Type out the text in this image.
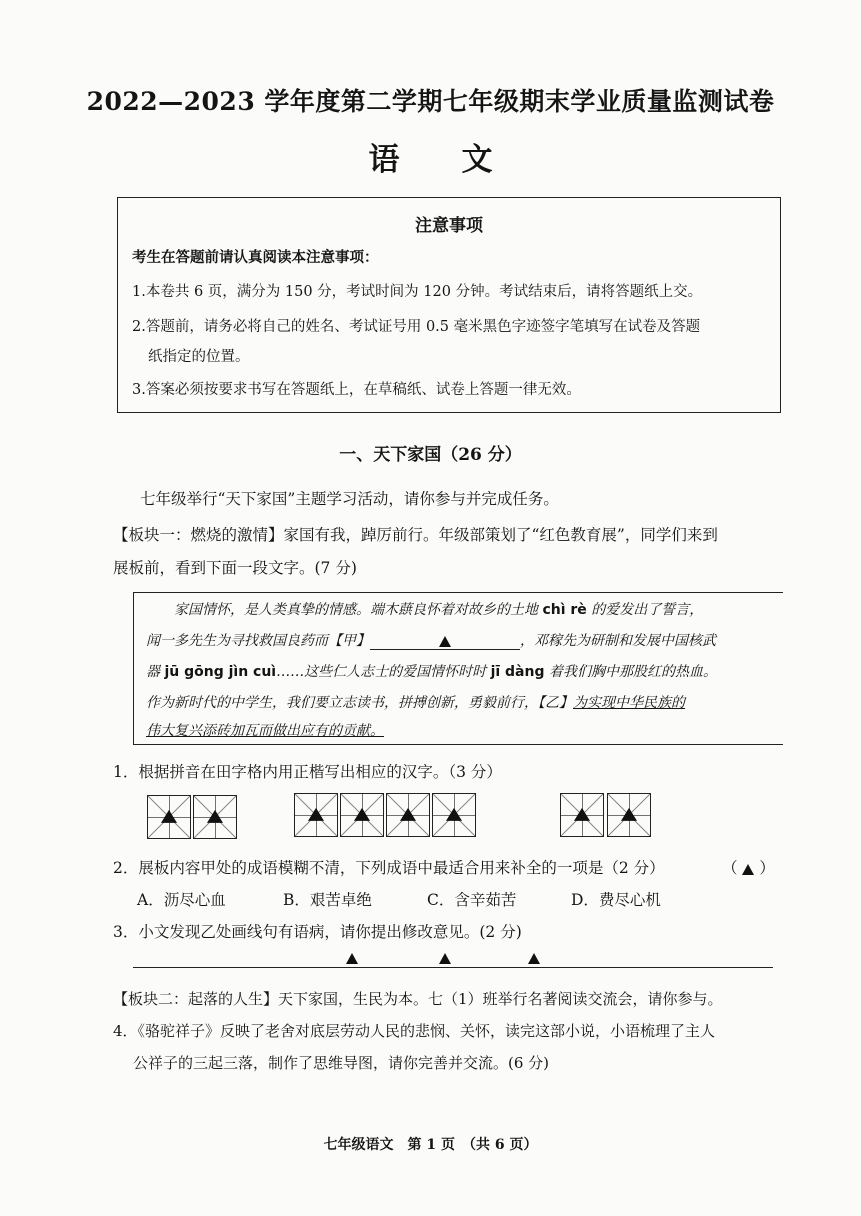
2022—2023 学年度第二学期七年级期末学业质量监测试卷
语　　文
注意事项
考生在答题前请认真阅读本注意事项：
1.本卷共 6 页，满分为 150 分，考试时间为 120 分钟。考试结束后，请将答题纸上交。
2.答题前，请务必将自己的姓名、考试证号用 0.5 毫米黑色字迹签字笔填写在试卷及答题
纸指定的位置。
3.答案必须按要求书写在答题纸上，在草稿纸、试卷上答题一律无效。
一、天下家国（26 分）
七年级举行“天下家国”主题学习活动，请你参与并完成任务。
【板块一：燃烧的激情】家国有我，踔厉前行。年级部策划了“红色教育展”，同学们来到
展板前，看到下面一段文字。(7 分)
家国情怀，是人类真挚的情感。端木蕻良怀着对故乡的土地 chì rè 的爱发出了誓言，
闻一多先生为寻找救国良药而【甲】	，邓稼先为研制和发展中国核武
器 jū gōng jìn cuì……这些仁人志士的爱国情怀时时 jī dàng 着我们胸中那股红的热血。
作为新时代的中学生，我们要立志读书，拼搏创新，勇毅前行，【乙】为实现中华民族的
伟大复兴添砖加瓦而做出应有的贡献。
1．根据拼音在田字格内用正楷写出相应的汉字。（3 分）
2．展板内容甲处的成语模糊不清，下列成语中最适合用来补全的一项是（2 分）	（ ）
A．沥尽心血	B．艰苦卓绝	C．含辛茹苦	D．费尽心机
3．小文发现乙处画线句有语病，请你提出修改意见。(2 分)
【板块二：起落的人生】天下家国，生民为本。七（1）班举行名著阅读交流会，请你参与。
4．《骆驼祥子》反映了老舍对底层劳动人民的悲悯、关怀，读完这部小说，小语梳理了主人
公祥子的三起三落，制作了思维导图，请你完善并交流。(6 分)
七年级语文　第 1 页　（共 6 页）
